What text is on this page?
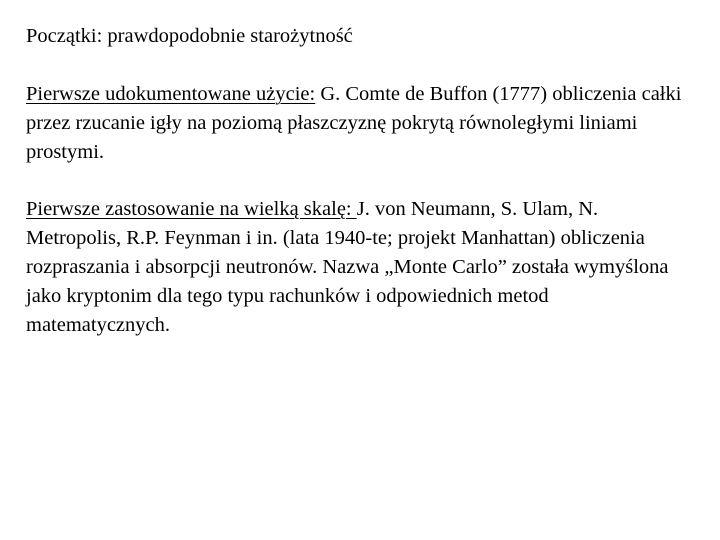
Początki: prawdopodobnie starożytność

Pierwsze udokumentowane użycie: G. Comte de Buffon (1777) obliczenia całki przez rzucanie igły na poziomą płaszczyznę pokrytą równoległymi liniami prostymi.

Pierwsze zastosowanie na wielką skalę: J. von Neumann, S. Ulam, N. Metropolis, R.P. Feynman i in. (lata 1940-te; projekt Manhattan) obliczenia rozpraszania i absorpcji neutronów. Nazwa „Monte Carlo” została wymyślona jako kryptonim dla tego typu rachunków i odpowiednich metod matematycznych.
